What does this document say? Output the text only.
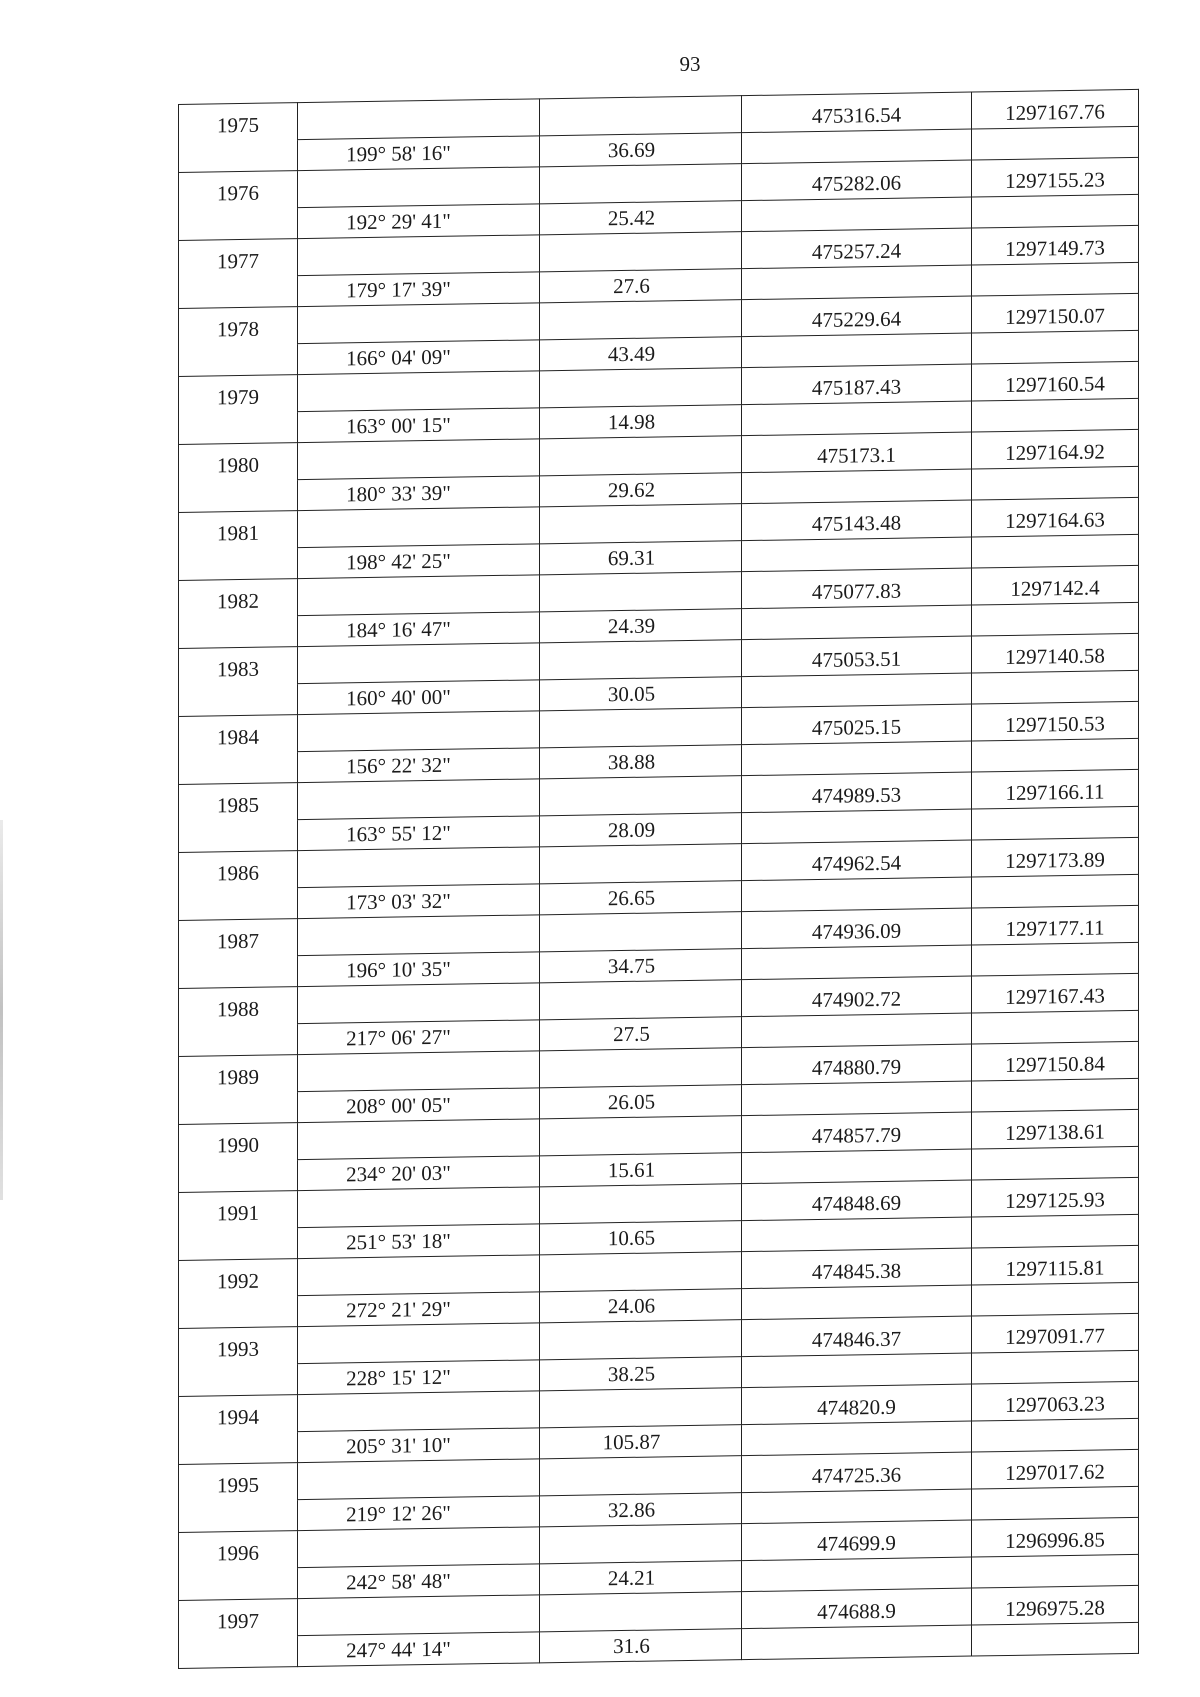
93
1975			475316.54	1297167.76
	199° 58' 16"	36.69		
1976			475282.06	1297155.23
	192° 29' 41"	25.42		
1977			475257.24	1297149.73
	179° 17' 39"	27.6		
1978			475229.64	1297150.07
	166° 04' 09"	43.49		
1979			475187.43	1297160.54
	163° 00' 15"	14.98		
1980			475173.1	1297164.92
	180° 33' 39"	29.62		
1981			475143.48	1297164.63
	198° 42' 25"	69.31		
1982			475077.83	1297142.4
	184° 16' 47"	24.39		
1983			475053.51	1297140.58
	160° 40' 00"	30.05		
1984			475025.15	1297150.53
	156° 22' 32"	38.88		
1985			474989.53	1297166.11
	163° 55' 12"	28.09		
1986			474962.54	1297173.89
	173° 03' 32"	26.65		
1987			474936.09	1297177.11
	196° 10' 35"	34.75		
1988			474902.72	1297167.43
	217° 06' 27"	27.5		
1989			474880.79	1297150.84
	208° 00' 05"	26.05		
1990			474857.79	1297138.61
	234° 20' 03"	15.61		
1991			474848.69	1297125.93
	251° 53' 18"	10.65		
1992			474845.38	1297115.81
	272° 21' 29"	24.06		
1993			474846.37	1297091.77
	228° 15' 12"	38.25		
1994			474820.9	1297063.23
	205° 31' 10"	105.87		
1995			474725.36	1297017.62
	219° 12' 26"	32.86		
1996			474699.9	1296996.85
	242° 58' 48"	24.21		
1997			474688.9	1296975.28
	247° 44' 14"	31.6		
